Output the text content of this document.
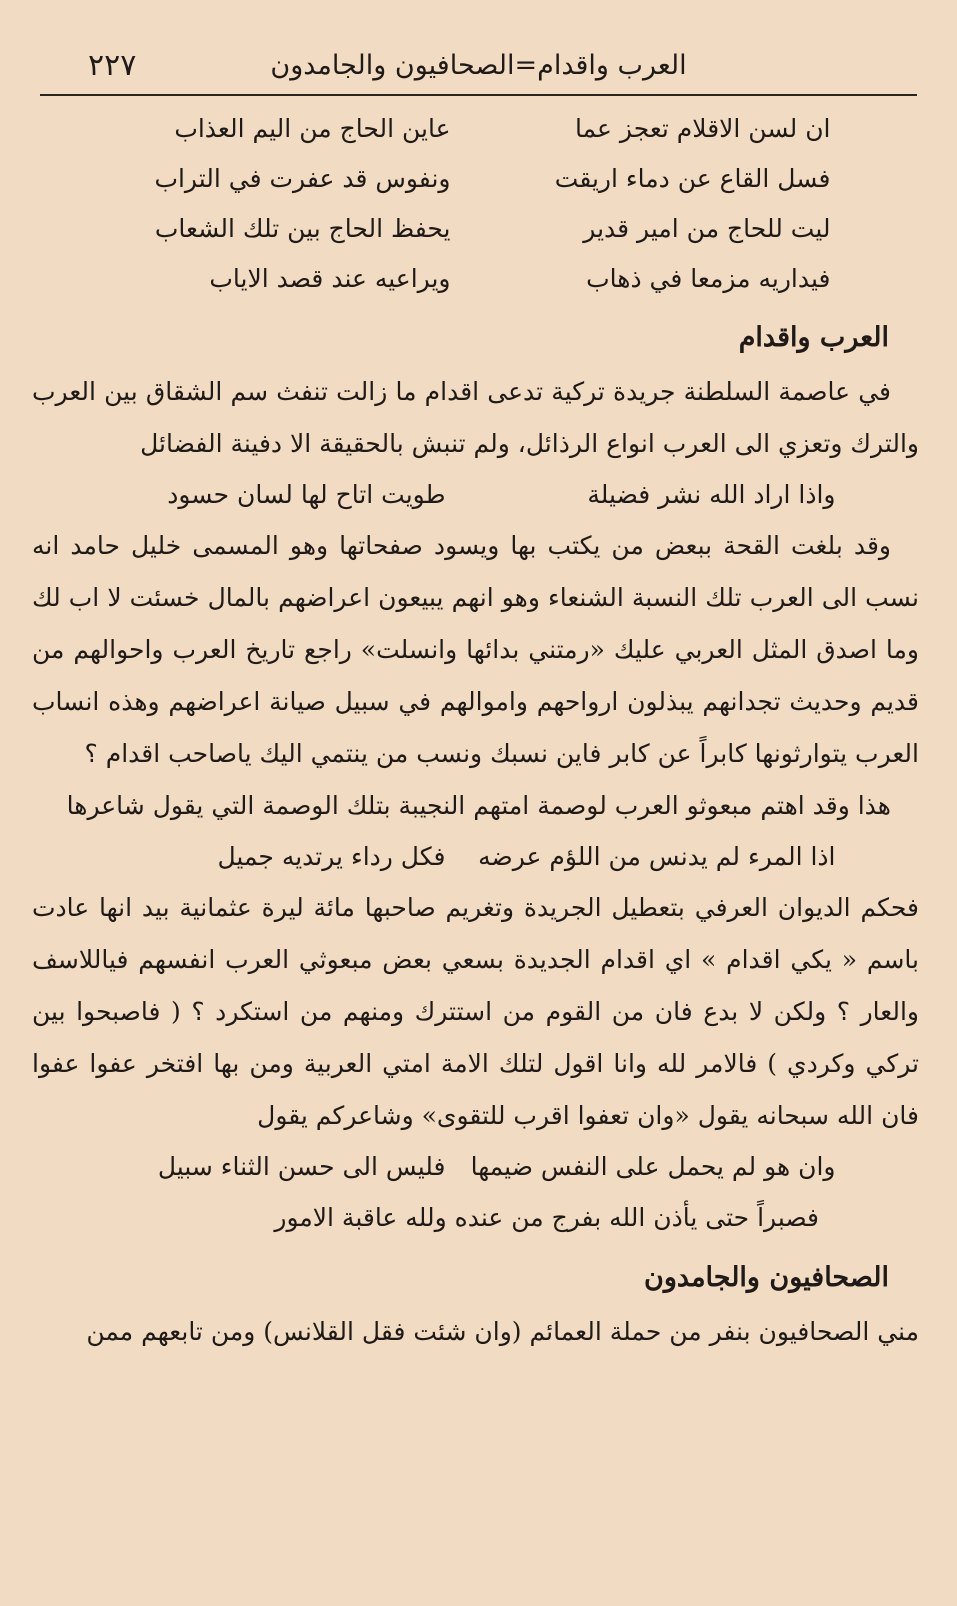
٢٢٧	العرب واقدام=الصحافيون والجامدون
ان لسن الاقلام تعجز عما
عاين الحاج من اليم العذاب
فسل القاع عن دماء اريقت
ونفوس قد عفرت في التراب
ليت للحاج من امير قدير
يحفظ الحاج بين تلك الشعاب
فيداريه مزمعا في ذهاب
ويراعيه عند قصد الاياب
العرب واقدام
في عاصمة السلطنة جريدة تركية تدعى اقدام ما زالت تنفث سم الشقاق بين العرب والترك وتعزي الى العرب انواع الرذائل، ولم تنبش بالحقيقة الا دفينة الفضائل
واذا اراد الله نشر فضيلة
طويت اتاح لها لسان حسود
وقد بلغت القحة ببعض من يكتب بها ويسود صفحاتها وهو المسمى خليل حامد انه نسب الى العرب تلك النسبة الشنعاء وهو انهم يبيعون اعراضهم بالمال خسئت لا اب لك وما اصدق المثل العربي عليك «رمتني بدائها وانسلت» راجع تاريخ العرب واحوالهم من قديم وحديث تجدانهم يبذلون ارواحهم واموالهم في سبيل صيانة اعراضهم وهذه انساب العرب يتوارثونها كابراً عن كابر فاين نسبك ونسب من ينتمي اليك ياصاحب اقدام ؟
هذا وقد اهتم مبعوثو العرب لوصمة امتهم النجيبة بتلك الوصمة التي يقول شاعرها
اذا المرء لم يدنس من اللؤم عرضه
فكل رداء يرتديه جميل
فحكم الديوان العرفي بتعطيل الجريدة وتغريم صاحبها مائة ليرة عثمانية بيد انها عادت باسم « يكي اقدام » اي اقدام الجديدة بسعي بعض مبعوثي العرب انفسهم فياللاسف والعار ؟ ولكن لا بدع فان من القوم من استترك ومنهم من استكرد ؟ ( فاصبحوا بين تركي وكردي ) فالامر لله وانا اقول لتلك الامة امتي العربية ومن بها افتخر عفوا عفوا فان الله سبحانه يقول «وان تعفوا اقرب للتقوى» وشاعركم يقول
وان هو لم يحمل على النفس ضيمها
فليس الى حسن الثناء سبيل
فصبراً حتى يأذن الله بفرج من عنده ولله عاقبة الامور
الصحافيون والجامدون
مني الصحافيون بنفر من حملة العمائم (وان شئت فقل القلانس) ومن تابعهم ممن
